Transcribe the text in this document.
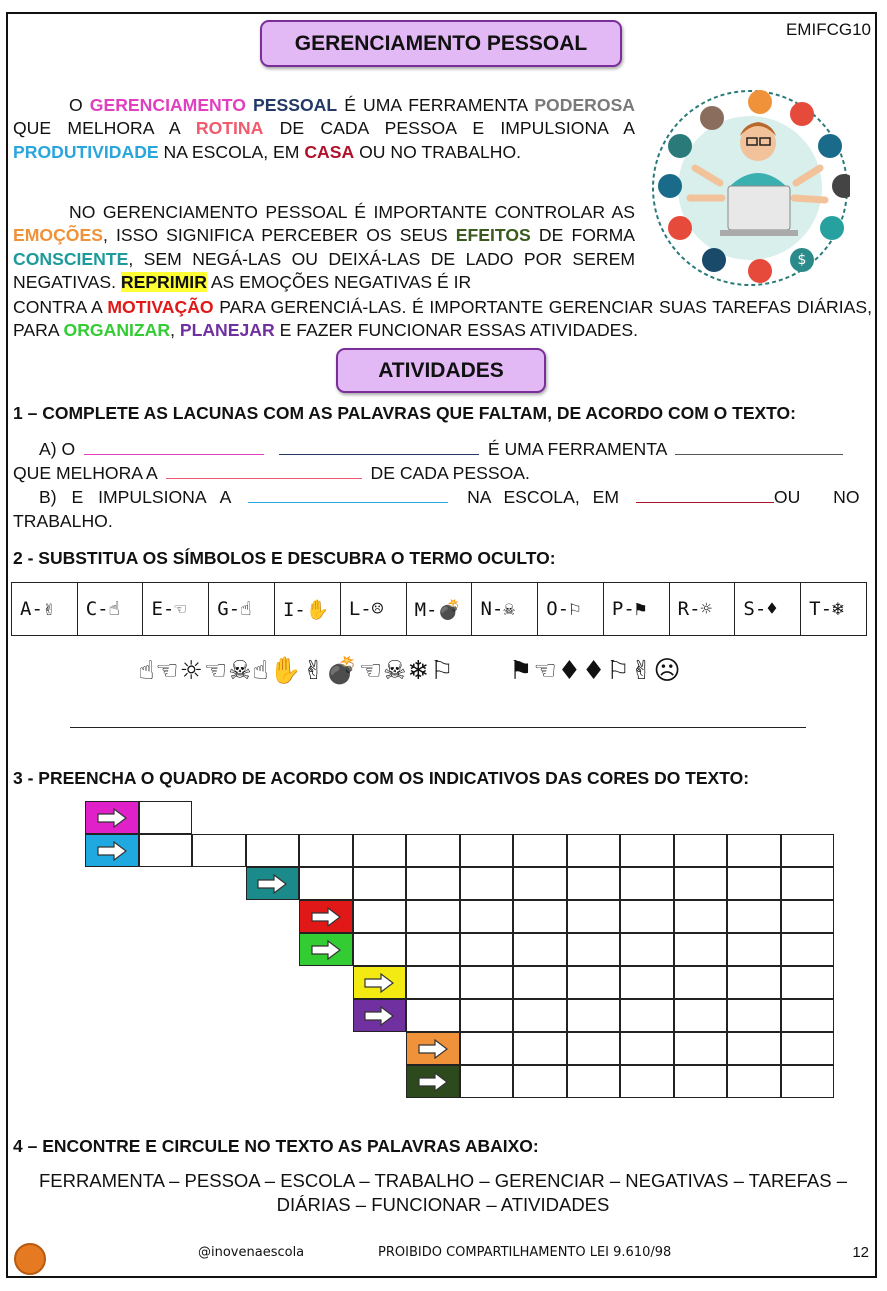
GERENCIAMENTO PESSOAL
EMIFCG10
$

O GERENCIAMENTO PESSOAL É UMA FERRAMENTA PODEROSA QUE MELHORA A ROTINA DE CADA PESSOA E IMPULSIONA A PRODUTIVIDADE NA ESCOLA, EM CASA OU NO TRABALHO.

NO GERENCIAMENTO PESSOAL É IMPORTANTE CONTROLAR AS EMOÇÕES, ISSO SIGNIFICA PERCEBER OS SEUS EFEITOS DE FORMA CONSCIENTE, SEM NEGÁ-LAS OU DEIXÁ-LAS DE LADO POR SEREM NEGATIVAS. REPRIMIR AS EMOÇÕES NEGATIVAS É IR

CONTRA A MOTIVAÇÃO PARA GERENCIÁ-LAS. É IMPORTANTE GERENCIAR SUAS TAREFAS DIÁRIAS, PARA ORGANIZAR, PLANEJAR E FAZER FUNCIONAR ESSAS ATIVIDADES.

ATIVIDADES
1 – COMPLETE AS LACUNAS COM AS PALAVRAS QUE FALTAM, DE ACORDO COM O TEXTO:
A) O	É UMA FERRAMENTA
QUE MELHORA A	DE CADA PESSOA.
B) E IMPULSIONA A	NA ESCOLA, EM	OU NO
TRABALHO.
2 - SUBSTITUA OS SÍMBOLOS E DESCUBRA O TERMO OCULTO:
A-✌	C-☝	E-☜	G-☝	I-✋	L-☹	M-💣	N-☠	O-⚐	P-⚑	R-☼	S-♦	T-❄
☝☜☼☜☠☝✋✌💣☜☠❄⚐ ⚑☜♦♦⚐✌☹
3 - PREENCHA O QUADRO DE ACORDO COM OS INDICATIVOS DAS CORES DO TEXTO:
4 – ENCONTRE E CIRCULE NO TEXTO AS PALAVRAS ABAIXO:
FERRAMENTA – PESSOA – ESCOLA – TRABALHO – GERENCIAR – NEGATIVAS – TAREFAS –
DIÁRIAS – FUNCIONAR – ATIVIDADES
@inovenaescola	PROIBIDO COMPARTILHAMENTO LEI 9.610/98	12
